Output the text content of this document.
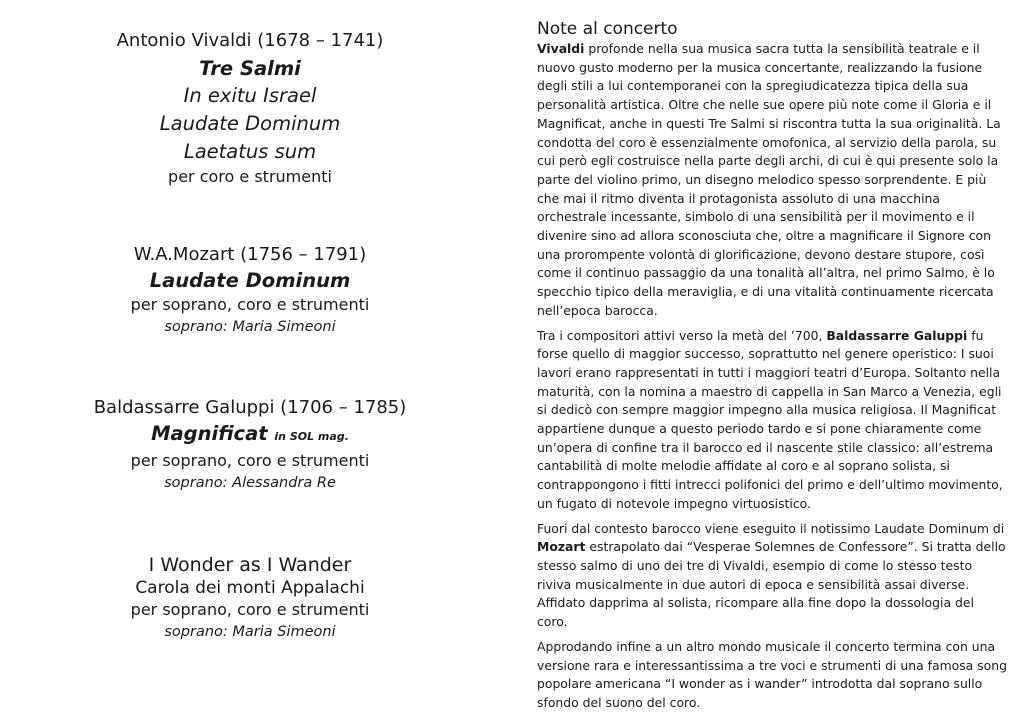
Antonio Vivaldi (1678 – 1741)
Tre Salmi
In exitu Israel
Laudate Dominum
Laetatus sum
per coro e strumenti
W.A.Mozart (1756 – 1791)
Laudate Dominum
per soprano, coro e strumenti
soprano: Maria Simeoni
Baldassarre Galuppi (1706 – 1785)
Magnificat in SOL mag.
per soprano, coro e strumenti
soprano: Alessandra Re
I Wonder as I Wander
Carola dei monti Appalachi
per soprano, coro e strumenti
soprano: Maria Simeoni
Note al concerto

Vivaldi profonde nella sua musica sacra tutta la sensibilità teatrale e il nuovo gusto moderno per la musica concertante, realizzando la fusione degli stili a lui contemporanei con la spregiudicatezza tipica della sua personalità artistica. Oltre che nelle sue opere più note come il Gloria e il Magnificat, anche in questi Tre Salmi si riscontra tutta la sua originalità. La condotta del coro è essenzialmente omofonica, al servizio della parola, su cui però egli costruisce nella parte degli archi, di cui è qui presente solo la parte del violino primo, un disegno melodico spesso sorprendente. E più che mai il ritmo diventa il protagonista assoluto di una macchina orchestrale incessante, simbolo di una sensibilità per il movimento e il divenire sino ad allora sconosciuta che, oltre a magnificare il Signore con una prorompente volontà di glorificazione, devono destare stupore, così come il continuo passaggio da una tonalità all’altra, nel primo Salmo, è lo specchio tipico della meraviglia, e di una vitalità continuamente ricercata nell’epoca barocca.

Tra i compositori attivi verso la metà del ’700, Baldassarre Galuppi fu forse quello di maggior successo, soprattutto nel genere operistico: I suoi lavori erano rappresentati in tutti i maggiori teatri d’Europa. Soltanto nella maturità, con la nomina a maestro di cappella in San Marco a Venezia, egli si dedicò con sempre maggior impegno alla musica religiosa. Il Magnificat appartiene dunque a questo periodo tardo e si pone chiaramente come un’opera di confine tra il barocco ed il nascente stile classico: all’estrema cantabilità di molte melodie affidate al coro e al soprano solista, si contrappongono i fitti intrecci polifonici del primo e dell’ultimo movimento, un fugato di notevole impegno virtuosistico.

Fuori dal contesto barocco viene eseguito il notissimo Laudate Dominum di Mozart estrapolato dai “Vesperae Solemnes de Confessore”. Si tratta dello stesso salmo di uno dei tre di Vivaldi, esempio di come lo stesso testo riviva musicalmente in due autori di epoca e sensibilità assai diverse. Affidato dapprima al solista, ricompare alla fine dopo la dossologia del coro.

Approdando infine a un altro mondo musicale il concerto termina con una versione rara e interessantissima a tre voci e strumenti di una famosa song popolare americana “I wonder as i wander” introdotta dal soprano sullo sfondo del suono del coro.
